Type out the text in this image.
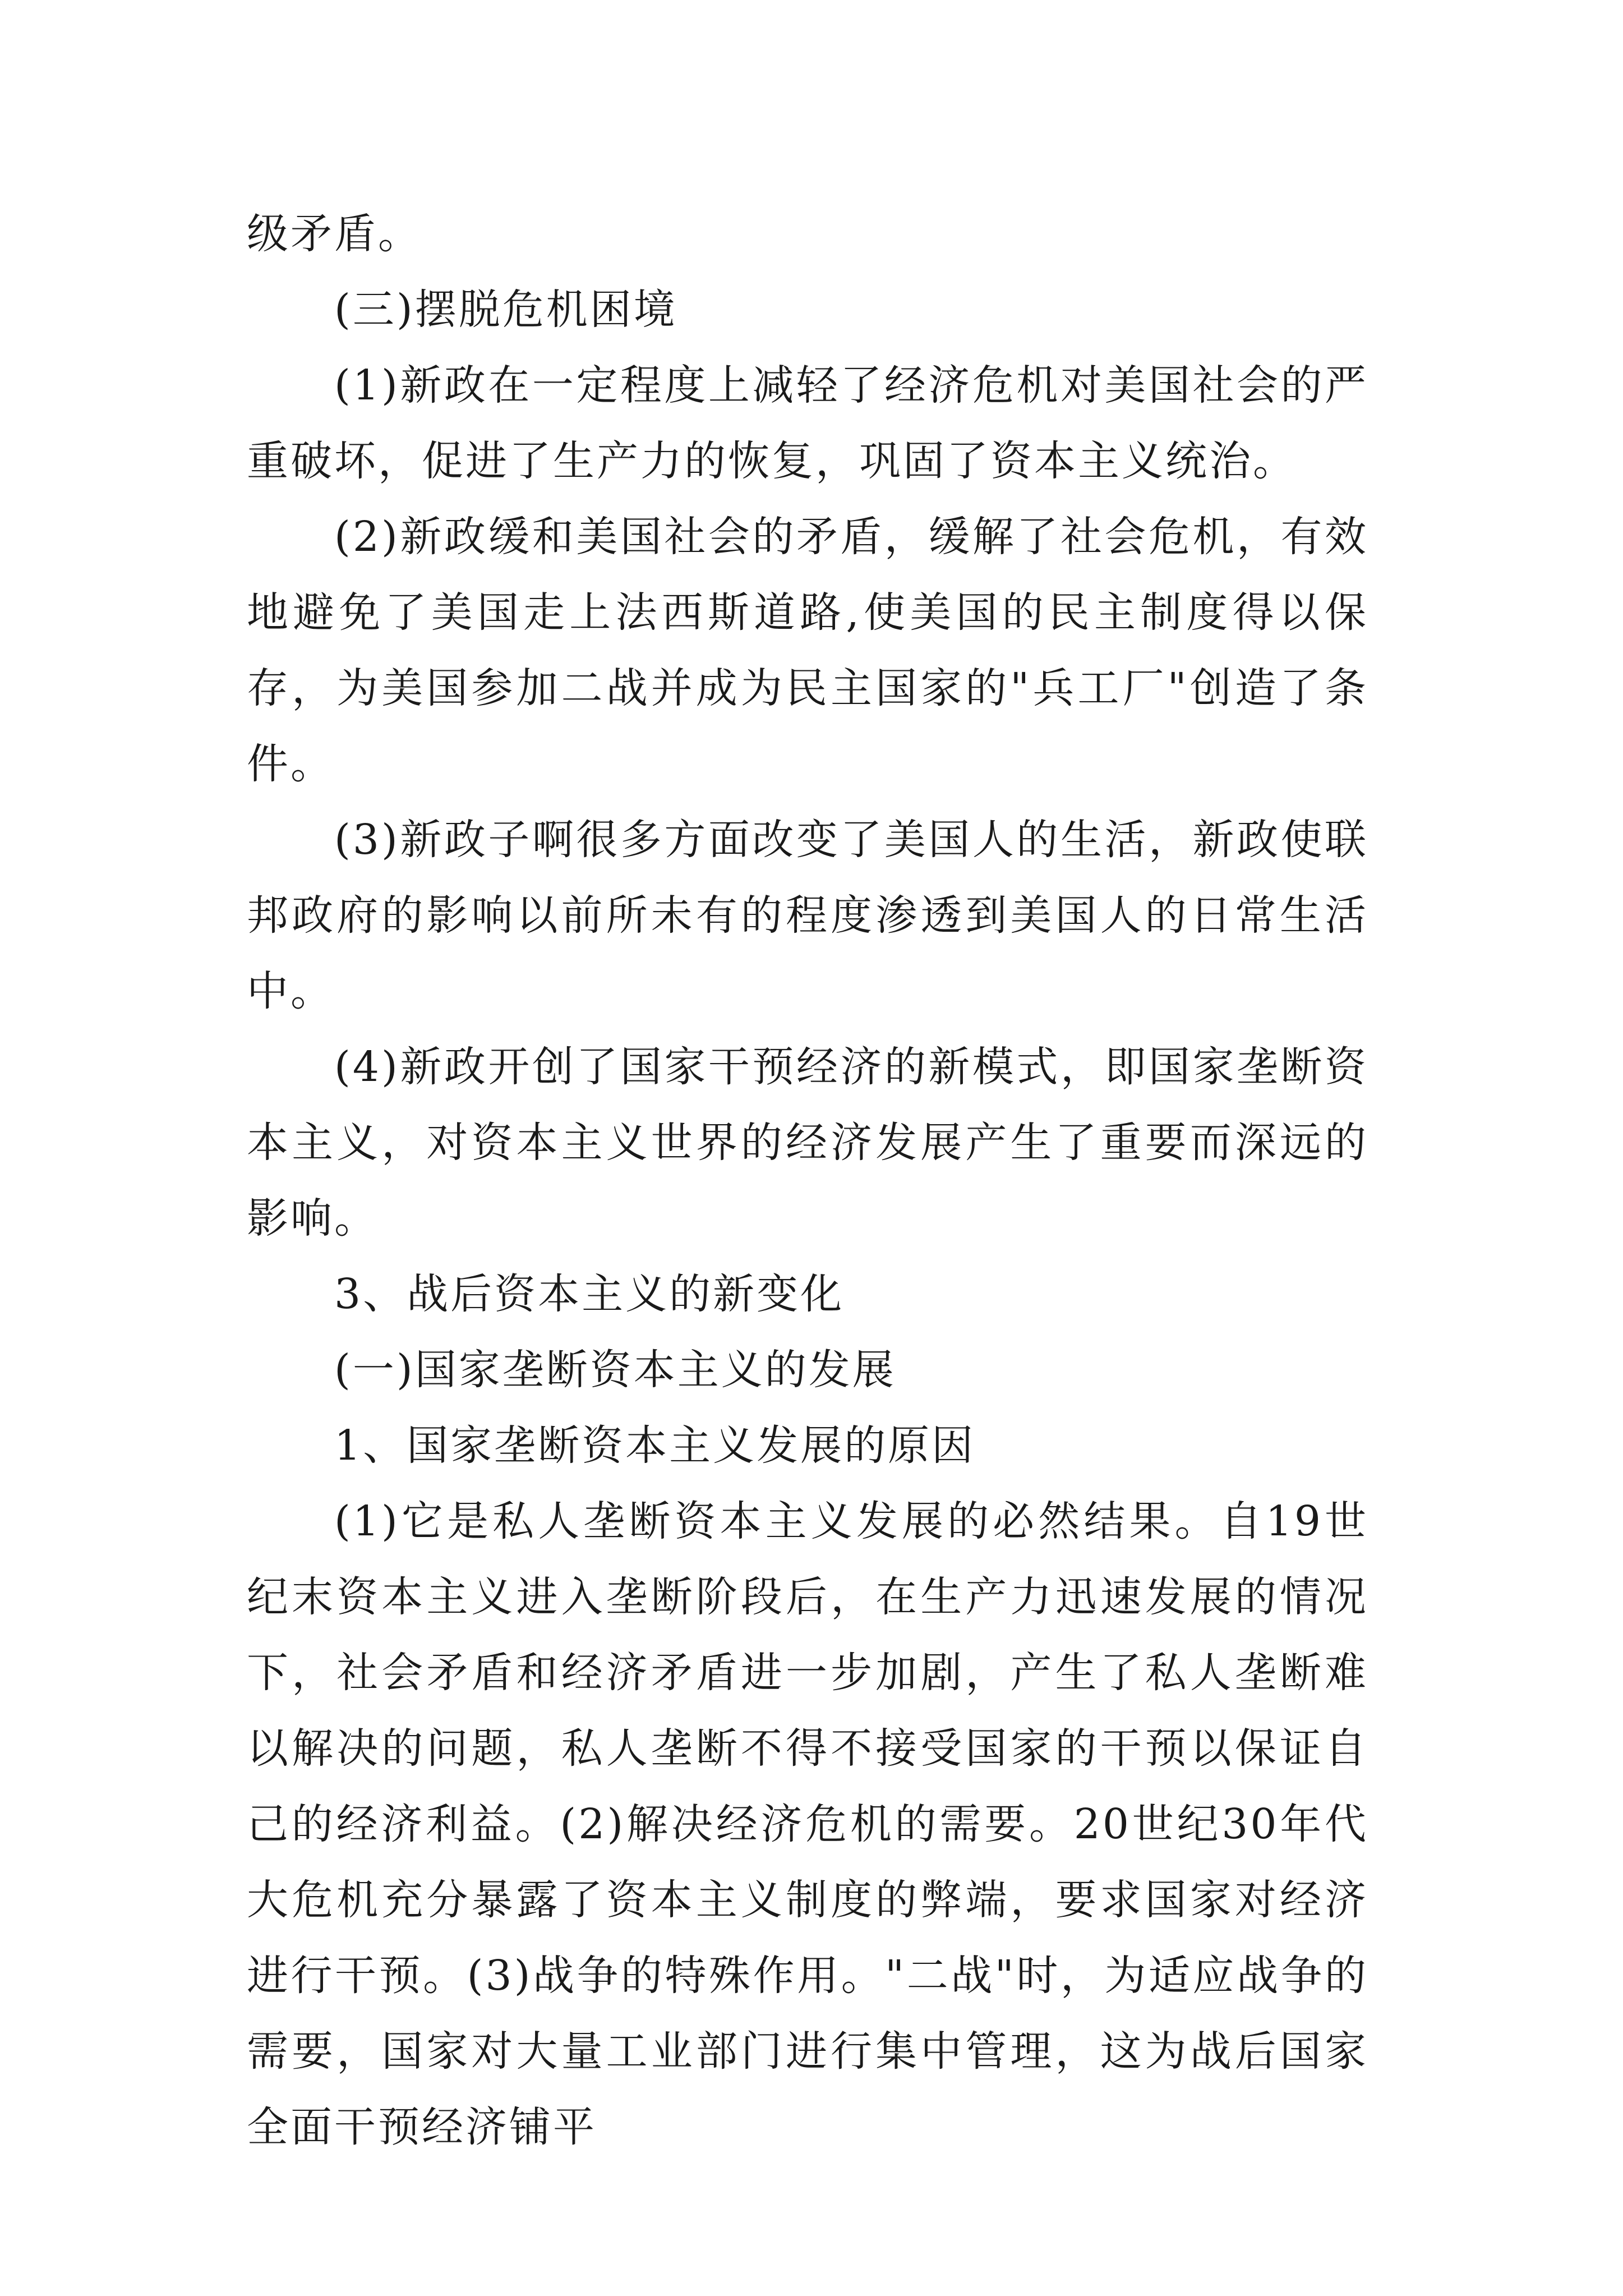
级矛盾。

(三)摆脱危机困境

(1)新政在一定程度上减轻了经济危机对美国社会的严重破坏，促进了生产力的恢复，巩固了资本主义统治。

(2)新政缓和美国社会的矛盾，缓解了社会危机，有效地避免了美国走上法西斯道路,使美国的民主制度得以保存，为美国参加二战并成为民主国家的"兵工厂"创造了条件。

(3)新政子啊很多方面改变了美国人的生活，新政使联邦政府的影响以前所未有的程度渗透到美国人的日常生活中。

(4)新政开创了国家干预经济的新模式，即国家垄断资本主义，对资本主义世界的经济发展产生了重要而深远的影响。

3、战后资本主义的新变化

(一)国家垄断资本主义的发展

1、国家垄断资本主义发展的原因

(1)它是私人垄断资本主义发展的必然结果。自19世纪末资本主义进入垄断阶段后，在生产力迅速发展的情况下，社会矛盾和经济矛盾进一步加剧，产生了私人垄断难以解决的问题，私人垄断不得不接受国家的干预以保证自己的经济利益。(2)解决经济危机的需要。20世纪30年代大危机充分暴露了资本主义制度的弊端，要求国家对经济进行干预。(3)战争的特殊作用。"二战"时，为适应战争的需要，国家对大量工业部门进行集中管理，这为战后国家全面干预经济铺平
